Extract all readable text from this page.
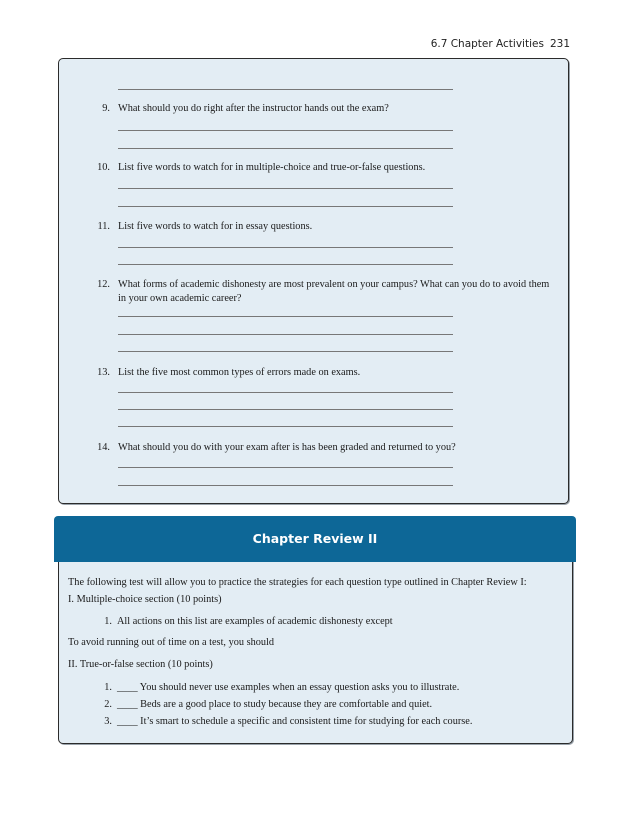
6.7 Chapter Activities 231
9. What should you do right after the instructor hands out the exam?
10. List five words to watch for in multiple-choice and true-or-false questions.
11. List five words to watch for in essay questions.
12. What forms of academic dishonesty are most prevalent on your campus? What can you do to avoid them in your own academic career?
13. List the five most common types of errors made on exams.
14. What should you do with your exam after is has been graded and returned to you?
Chapter Review II
The following test will allow you to practice the strategies for each question type outlined in Chapter Review I:
I. Multiple-choice section (10 points)
1. All actions on this list are examples of academic dishonesty except
To avoid running out of time on a test, you should
II. True-or-false section (10 points)
1. ____ You should never use examples when an essay question asks you to illustrate.
2. ____ Beds are a good place to study because they are comfortable and quiet.
3. ____ It’s smart to schedule a specific and consistent time for studying for each course.
